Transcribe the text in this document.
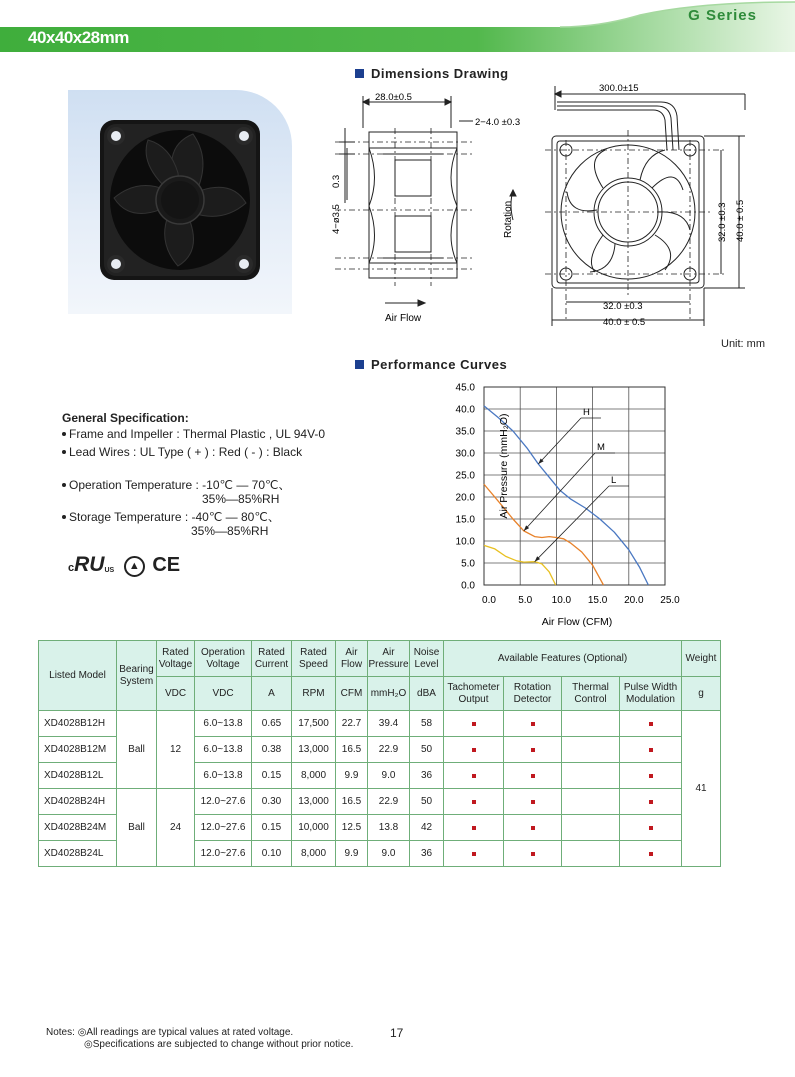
G Series
40x40x28mm
Dimensions Drawing
Performance Curves
28.0±0.5
2−4.0 ±0.3
0.3
4−ø3.5
Air Flow
300.0±15
Rotation	32.0 ±0.3 40.0 ± 0.5
32.0 ±0.3
40.0 ± 0.5
Unit: mm
0.0
5.0
10.0
15.0
20.0
25.0
30.0
35.0
40.0
45.0
0.0 5.0 10.0 15.0 20.0 25.0
H
M
L
Air Pressure (mmH₂O)
Air Flow (CFM)
General Specification:
Frame and Impeller : Thermal Plastic , UL 94V-0
Lead Wires : UL Type ( + ) : Red ( - ) : Black
Operation Temperature : -10℃ — 70℃、
35%—85%RH
Storage Temperature : -40℃ — 80℃、
35%—85%RH
cRUUS ▲ CE
Listed Model	Bearing System	Rated Voltage	Operation Voltage	Rated Current	Rated Speed	Air Flow	Air Pressure	Noise Level	Available Features (Optional)				Weight
		VDC	VDC	A	RPM	CFM	mmH₂O	dBA	Tachometer Output	Rotation Detector	Thermal Control	Pulse Width Modulation	g
XD4028B12H	Ball	12	6.0~13.8	0.65	17,500	22.7	39.4	58					41
XD4028B12M			6.0~13.8	0.38	13,000	16.5	22.9	50					
XD4028B12L			6.0~13.8	0.15	8,000	9.9	9.0	36					
XD4028B24H	Ball	24	12.0~27.6	0.30	13,000	16.5	22.9	50					
XD4028B24M			12.0~27.6	0.15	10,000	12.5	13.8	42					
XD4028B24L			12.0~27.6	0.10	8,000	9.9	9.0	36					
Notes: ◎All readings are typical values at rated voltage.
◎Specifications are subjected to change without prior notice.
17
